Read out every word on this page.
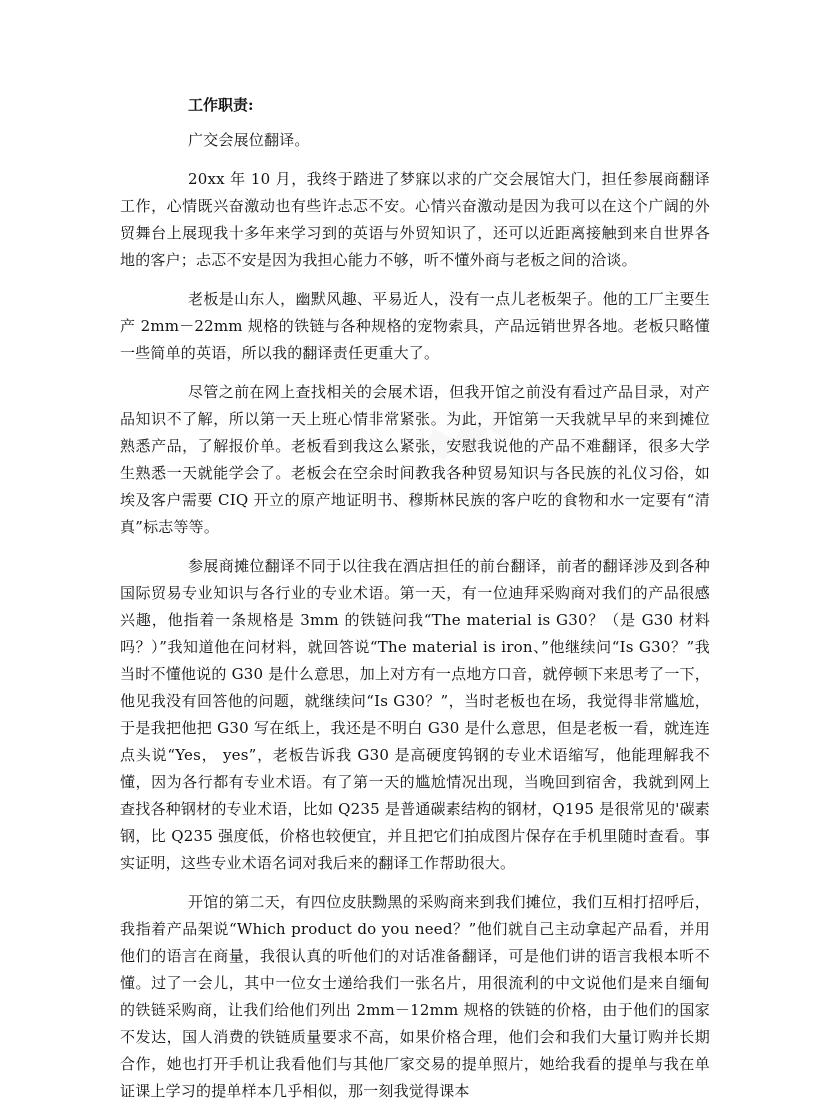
◆◆◆
工作职责:

广交会展位翻译。

20xx 年 10 月，我终于踏进了梦寐以求的广交会展馆大门，担任参展商翻译工作，心情既兴奋激动也有些许忐忑不安。心情兴奋激动是因为我可以在这个广阔的外贸舞台上展现我十多年来学习到的英语与外贸知识了，还可以近距离接触到来自世界各地的客户；忐忑不安是因为我担心能力不够，听不懂外商与老板之间的洽谈。

老板是山东人，幽默风趣、平易近人，没有一点儿老板架子。他的工厂主要生产 2mm－22mm 规格的铁链与各种规格的宠物索具，产品远销世界各地。老板只略懂一些简单的英语，所以我的翻译责任更重大了。

尽管之前在网上查找相关的会展术语，但我开馆之前没有看过产品目录，对产品知识不了解，所以第一天上班心情非常紧张。为此，开馆第一天我就早早的来到摊位熟悉产品，了解报价单。老板看到我这么紧张，安慰我说他的产品不难翻译，很多大学生熟悉一天就能学会了。老板会在空余时间教我各种贸易知识与各民族的礼仪习俗，如埃及客户需要 CIQ 开立的原产地证明书、穆斯林民族的客户吃的食物和水一定要有“清真”标志等等。

参展商摊位翻译不同于以往我在酒店担任的前台翻译，前者的翻译涉及到各种国际贸易专业知识与各行业的专业术语。第一天，有一位迪拜采购商对我们的产品很感兴趣，他指着一条规格是 3mm 的铁链问我“The material is G30？（是 G30 材料吗？）”我知道他在问材料，就回答说“The material is iron、”他继续问“Is G30？”我当时不懂他说的 G30 是什么意思，加上对方有一点地方口音，就停顿下来思考了一下，他见我没有回答他的问题，就继续问“Is G30？”，当时老板也在场，我觉得非常尴尬，于是我把他把 G30 写在纸上，我还是不明白 G30 是什么意思，但是老板一看，就连连点头说“Yes， yes”，老板告诉我 G30 是高硬度钨钢的专业术语缩写，他能理解我不懂，因为各行都有专业术语。有了第一天的尴尬情况出现，当晚回到宿舍，我就到网上查找各种钢材的专业术语，比如 Q235 是普通碳素结构的钢材，Q195 是很常见的'碳素钢，比 Q235 强度低，价格也较便宜，并且把它们拍成图片保存在手机里随时查看。事实证明，这些专业术语名词对我后来的翻译工作帮助很大。

开馆的第二天，有四位皮肤黝黑的采购商来到我们摊位，我们互相打招呼后，我指着产品架说“Which product do you need？”他们就自己主动拿起产品看，并用他们的语言在商量，我很认真的听他们的对话准备翻译，可是他们讲的语言我根本听不懂。过了一会儿，其中一位女士递给我们一张名片，用很流利的中文说他们是来自缅甸的铁链采购商，让我们给他们列出 2mm－12mm 规格的铁链的价格，由于他们的国家不发达，国人消费的铁链质量要求不高，如果价格合理，他们会和我们大量订购并长期合作，她也打开手机让我看他们与其他厂家交易的提单照片，她给我看的提单与我在单证课上学习的提单样本几乎相似，那一刻我觉得课本
